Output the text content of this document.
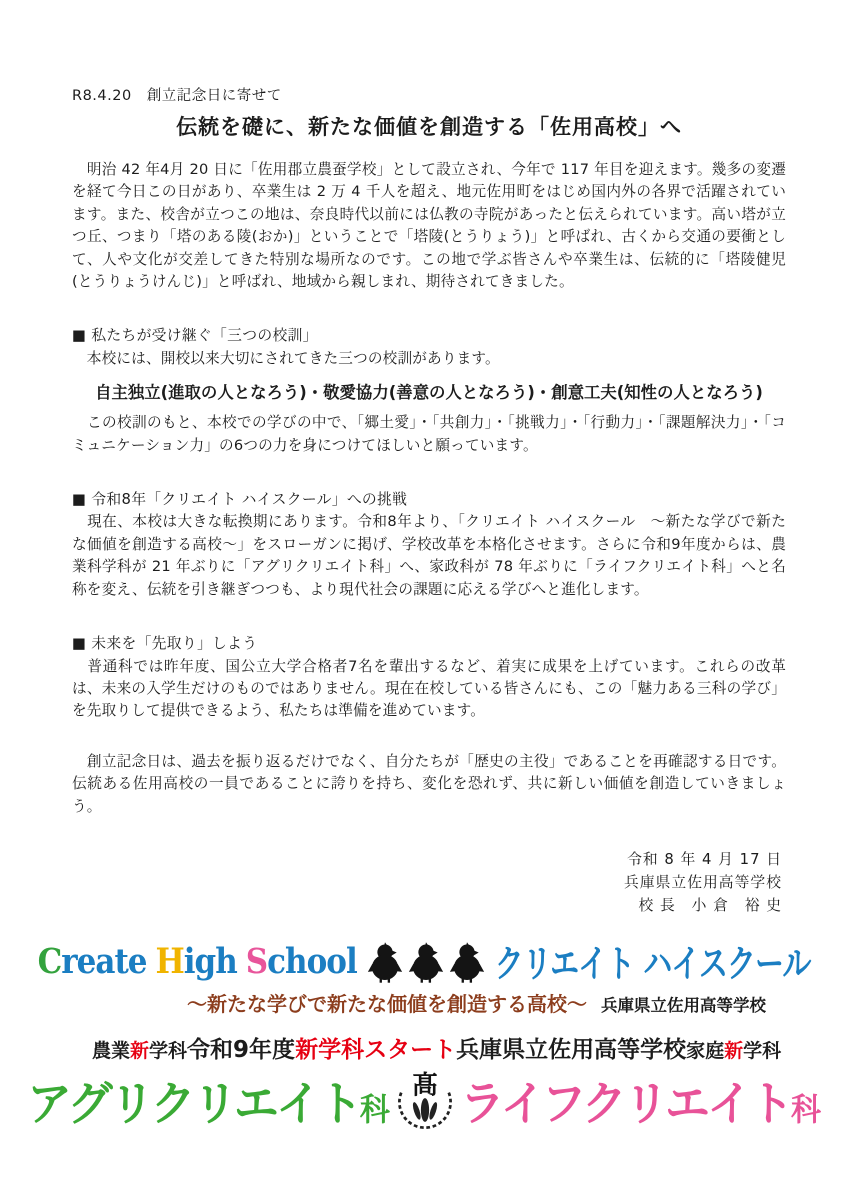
R8.4.20　創立記念日に寄せて

伝統を礎に、新たな価値を創造する「佐用高校」へ

　明治 42 年4月 20 日に「佐用郡立農蚕学校」として設立され、今年で 117 年目を迎えます。幾多の変遷を経て今日この日があり、卒業生は 2 万 4 千人を超え、地元佐用町をはじめ国内外の各界で活躍されています。また、校舎が立つこの地は、奈良時代以前には仏教の寺院があったと伝えられています。高い塔が立つ丘、つまり「塔のある陵(おか)」ということで「塔陵(とうりょう)」と呼ばれ、古くから交通の要衝として、人や文化が交差してきた特別な場所なのです。この地で学ぶ皆さんや卒業生は、伝統的に「塔陵健児(とうりょうけんじ)」と呼ばれ、地域から親しまれ、期待されてきました。

■ 私たちが受け継ぐ「三つの校訓」

　本校には、開校以来大切にされてきた三つの校訓があります。

自主独立(進取の人となろう)・敬愛協力(善意の人となろう)・創意工夫(知性の人となろう)

　この校訓のもと、本校での学びの中で、「郷土愛」・「共創力」・「挑戦力」・「行動力」・「課題解決力」・「コミュニケーション力」の6つの力を身につけてほしいと願っています。

■ 令和8年「クリエイト ハイスクール」への挑戦

　現在、本校は大きな転換期にあります。令和8年より、「クリエイト ハイスクール　～新たな学びで新たな価値を創造する高校～」をスローガンに掲げ、学校改革を本格化させます。さらに令和9年度からは、農業科学科が 21 年ぶりに「アグリクリエイト科」へ、家政科が 78 年ぶりに「ライフクリエイト科」へと名称を変え、伝統を引き継ぎつつも、より現代社会の課題に応える学びへと進化します。

■ 未来を「先取り」しよう

　普通科では昨年度、国公立大学合格者7名を輩出するなど、着実に成果を上げています。これらの改革は、未来の入学生だけのものではありません。現在在校している皆さんにも、この「魅力ある三科の学び」を先取りして提供できるよう、私たちは準備を進めています。

　創立記念日は、過去を振り返るだけでなく、自分たちが「歴史の主役」であることを再確認する日です。伝統ある佐用高校の一員であることに誇りを持ち、変化を恐れず、共に新しい価値を創造していきましょう。

令和 8 年 4 月 17 日

兵庫県立佐用高等学校

校 長　小 倉　裕 史

Create High School	クリエイト ハイスクール
～新たな学びで新たな価値を創造する高校～ 兵庫県立佐用高等学校
農業新学科 令和9年度新学科スタート 兵庫県立佐用高等学校 家庭新学科
アグリクリエイト科
髙 ライフクリエイト科
